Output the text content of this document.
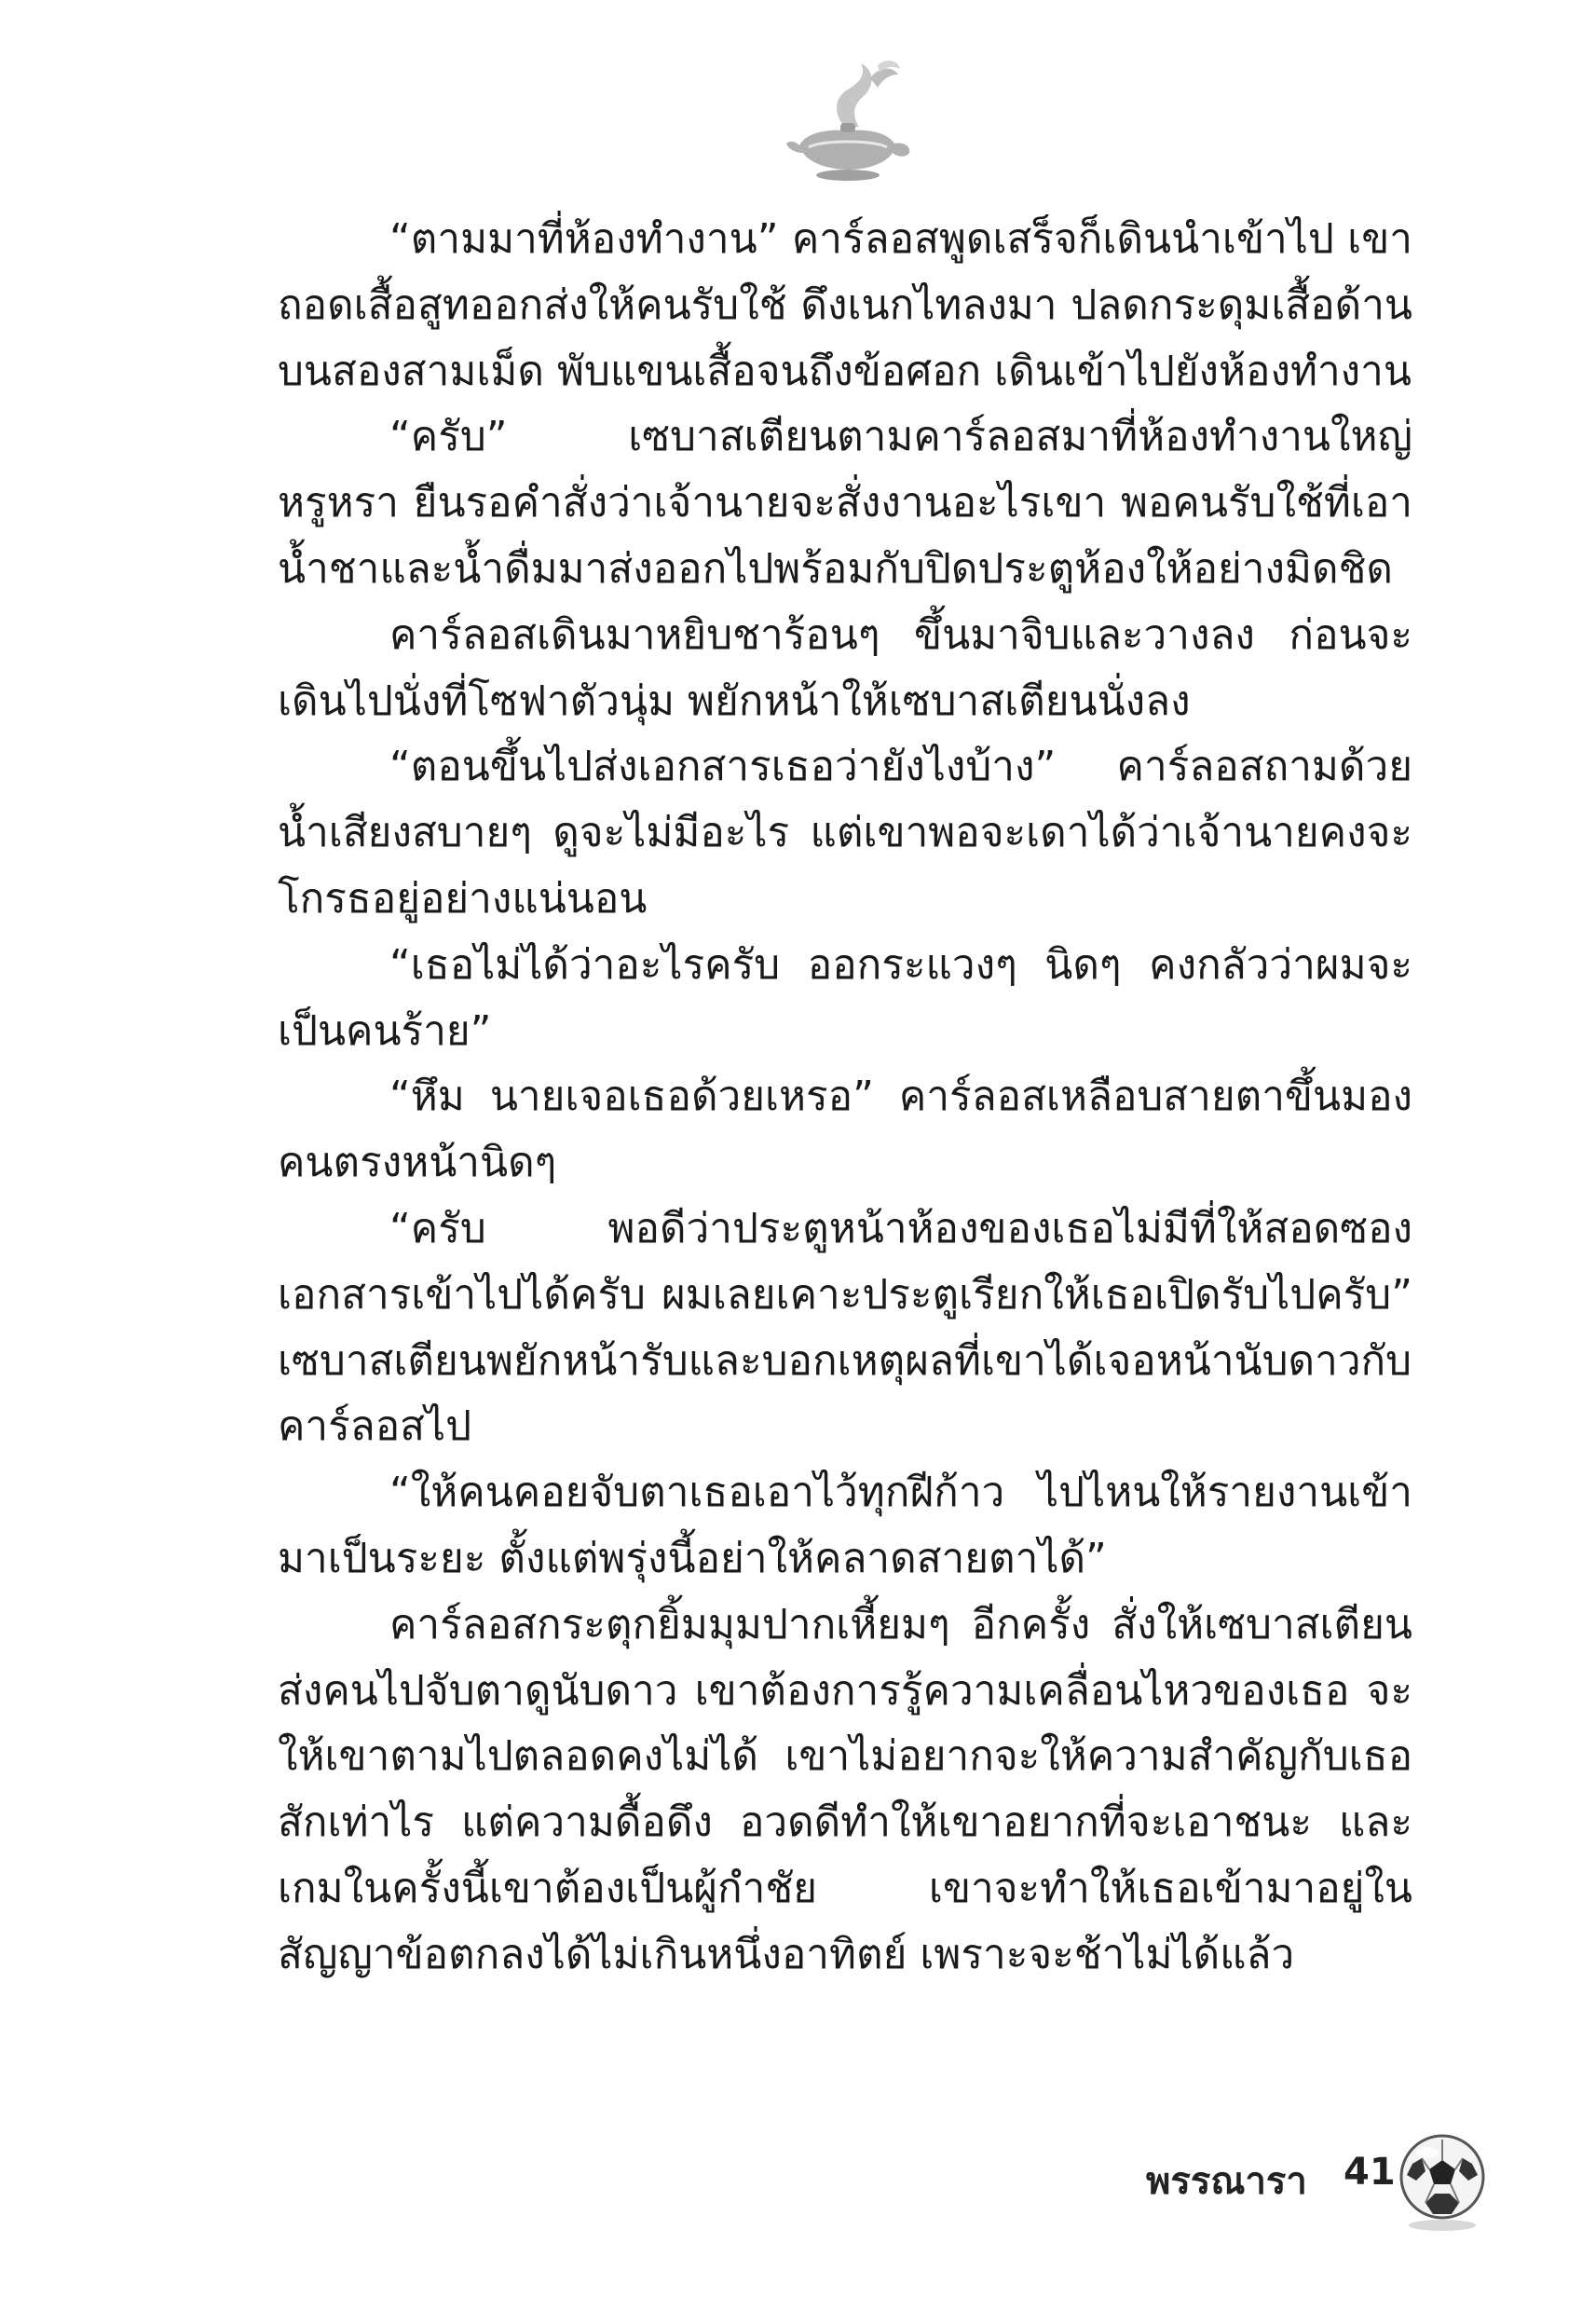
“ตามมาที่ห้องทำงาน” คาร์ลอสพูดเสร็จก็เดินนำเข้าไป เขาถอดเสื้อสูทออกส่งให้คนรับใช้ ดึงเนกไทลงมา ปลดกระดุมเสื้อด้านบนสองสามเม็ด พับแขนเสื้อจนถึงข้อศอก เดินเข้าไปยังห้องทำงาน

“ครับ” เซบาสเตียนตามคาร์ลอสมาที่ห้องทำงานใหญ่หรูหรา ยืนรอคำสั่งว่าเจ้านายจะสั่งงานอะไรเขา พอคนรับใช้ที่เอาน้ำชาและน้ำดื่มมาส่งออกไปพร้อมกับปิดประตูห้องให้อย่างมิดชิด

คาร์ลอสเดินมาหยิบชาร้อนๆ ขึ้นมาจิบและวางลง ก่อนจะเดินไปนั่งที่โซฟาตัวนุ่ม พยักหน้าให้เซบาสเตียนนั่งลง

“ตอนขึ้นไปส่งเอกสารเธอว่ายังไงบ้าง” คาร์ลอสถามด้วยน้ำเสียงสบายๆ ดูจะไม่มีอะไร แต่เขาพอจะเดาได้ว่าเจ้านายคงจะโกรธอยู่อย่างแน่นอน

“เธอไม่ได้ว่าอะไรครับ ออกระแวงๆ นิดๆ คงกลัวว่าผมจะเป็นคนร้าย”

“หึม นายเจอเธอด้วยเหรอ” คาร์ลอสเหลือบสายตาขึ้นมองคนตรงหน้านิดๆ

“ครับ พอดีว่าประตูหน้าห้องของเธอไม่มีที่ให้สอดซองเอกสารเข้าไปได้ครับ ผมเลยเคาะประตูเรียกให้เธอเปิดรับไปครับ” เซบาสเตียนพยักหน้ารับและบอกเหตุผลที่เขาได้เจอหน้านับดาวกับคาร์ลอสไป

“ให้คนคอยจับตาเธอเอาไว้ทุกฝีก้าว ไปไหนให้รายงานเข้ามาเป็นระยะ ตั้งแต่พรุ่งนี้อย่าให้คลาดสายตาได้”

คาร์ลอสกระตุกยิ้มมุมปากเหี้ยมๆ อีกครั้ง สั่งให้เซบาสเตียนส่งคนไปจับตาดูนับดาว เขาต้องการรู้ความเคลื่อนไหวของเธอ จะให้เขาตามไปตลอดคงไม่ได้ เขาไม่อยากจะให้ความสำคัญกับเธอสักเท่าไร แต่ความดื้อดึง อวดดีทำให้เขาอยากที่จะเอาชนะ และเกมในครั้งนี้เขาต้องเป็นผู้กำชัย เขาจะทำให้เธอเข้ามาอยู่ในสัญญาข้อตกลงได้ไม่เกินหนึ่งอาทิตย์ เพราะจะช้าไม่ได้แล้ว

พรรณารา 41
